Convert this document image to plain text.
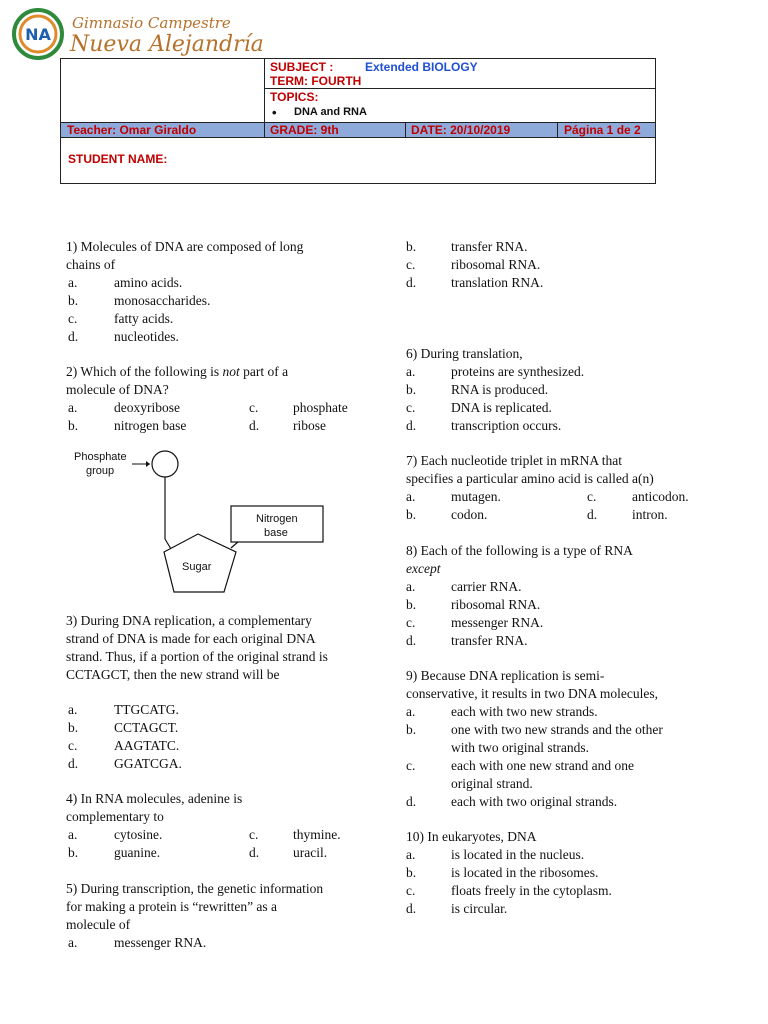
NA
Gimnasio Campestre
Nueva Alejandría
SUBJECT :	Extended BIOLOGY
TERM: FOURTH
TOPICS:
• DNA and RNA
Teacher: Omar Giraldo	GRADE: 9th	DATE: 20/10/2019	Página 1 de 2
STUDENT NAME:
1) Molecules of DNA are composed of long
chains of
a.	amino acids.
b.	monosaccharides.
c.	fatty acids.
d.	nucleotides.
2) Which of the following is not part of a
molecule of DNA?
a.	deoxyribose	c.	phosphate
b.	nitrogen base	d.	ribose
3) During DNA replication, a complementary
strand of DNA is made for each original DNA
strand. Thus, if a portion of the original strand is
CCTAGCT, then the new strand will be
a.	TTGCATG.
b.	CCTAGCT.
c.	AAGTATC.
d.	GGATCGA.
4) In RNA molecules, adenine is
complementary to
a.	cytosine.	c.	thymine.
b.	guanine.	d.	uracil.
5) During transcription, the genetic information
for making a protein is “rewritten” as a
molecule of
a.	messenger RNA.
Phosphate
group
Sugar
Nitrogen
base
b.	transfer RNA.
c.	ribosomal RNA.
d.	translation RNA.
6) During translation,
a.	proteins are synthesized.
b.	RNA is produced.
c.	DNA is replicated.
d.	transcription occurs.
7) Each nucleotide triplet in mRNA that
specifies a particular amino acid is called a(n)
a.	mutagen.	c.	anticodon.
b.	codon.	d.	intron.
8) Each of the following is a type of RNA
except
a.	carrier RNA.
b.	ribosomal RNA.
c.	messenger RNA.
d.	transfer RNA.
9) Because DNA replication is semi-
conservative, it results in two DNA molecules,
a.	each with two new strands.
b.	one with two new strands and the other
with two original strands.
c.	each with one new strand and one
original strand.
d.	each with two original strands.
10) In eukaryotes, DNA
a.	is located in the nucleus.
b.	is located in the ribosomes.
c.	floats freely in the cytoplasm.
d.	is circular.
